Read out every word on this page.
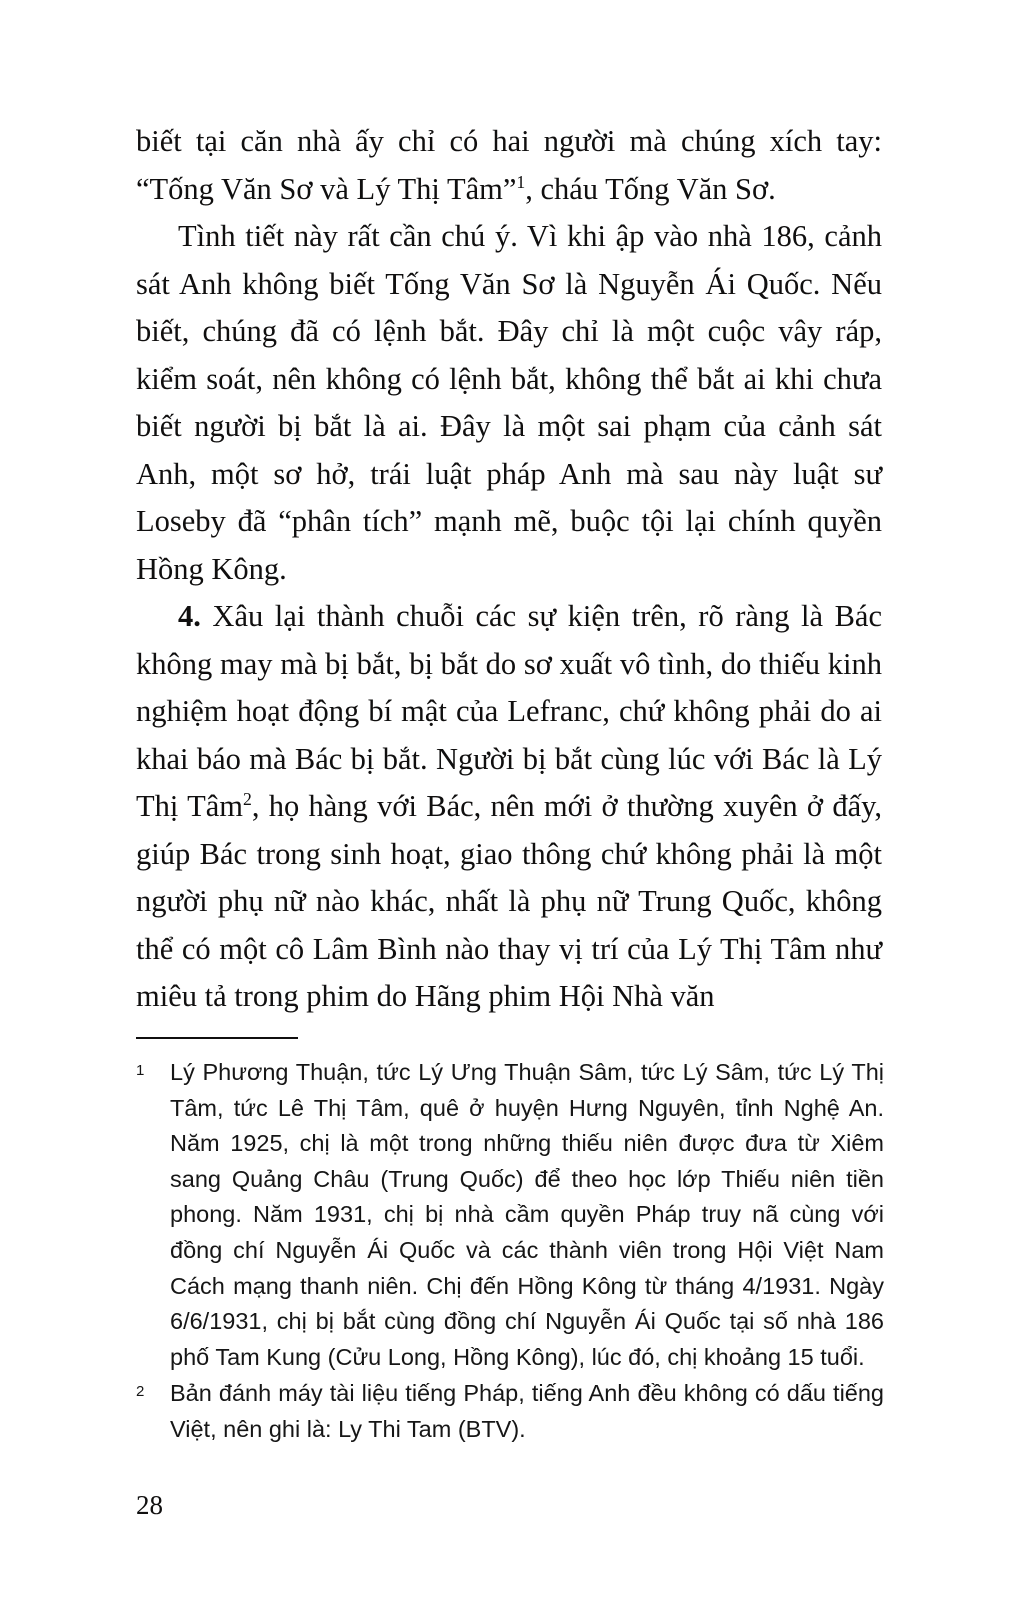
biết tại căn nhà ấy chỉ có hai người mà chúng xích tay: “Tống Văn Sơ và Lý Thị Tâm”$^1$, cháu Tống Văn Sơ.

Tình tiết này rất cần chú ý. Vì khi ập vào nhà 186, cảnh sát Anh không biết Tống Văn Sơ là Nguyễn Ái Quốc. Nếu biết, chúng đã có lệnh bắt. Đây chỉ là một cuộc vây ráp, kiểm soát, nên không có lệnh bắt, không thể bắt ai khi chưa biết người bị bắt là ai. Đây là một sai phạm của cảnh sát Anh, một sơ hở, trái luật pháp Anh mà sau này luật sư Loseby đã “phân tích” mạnh mẽ, buộc tội lại chính quyền Hồng Kông.

4. Xâu lại thành chuỗi các sự kiện trên, rõ ràng là Bác không may mà bị bắt, bị bắt do sơ xuất vô tình, do thiếu kinh nghiệm hoạt động bí mật của Lefranc, chứ không phải do ai khai báo mà Bác bị bắt. Người bị bắt cùng lúc với Bác là Lý Thị Tâm$^2$, họ hàng với Bác, nên mới ở thường xuyên ở đấy, giúp Bác trong sinh hoạt, giao thông chứ không phải là một người phụ nữ nào khác, nhất là phụ nữ Trung Quốc, không thể có một cô Lâm Bình nào thay vị trí của Lý Thị Tâm như miêu tả trong phim do Hãng phim Hội Nhà văn

1	Lý Phương Thuận, tức Lý Ưng Thuận Sâm, tức Lý Sâm, tức Lý Thị Tâm, tức Lê Thị Tâm, quê ở huyện Hưng Nguyên, tỉnh Nghệ An. Năm 1925, chị là một trong những thiếu niên được đưa từ Xiêm sang Quảng Châu (Trung Quốc) để theo học lớp Thiếu niên tiền phong. Năm 1931, chị bị nhà cầm quyền Pháp truy nã cùng với đồng chí Nguyễn Ái Quốc và các thành viên trong Hội Việt Nam Cách mạng thanh niên. Chị đến Hồng Kông từ tháng 4/1931. Ngày 6/6/1931, chị bị bắt cùng đồng chí Nguyễn Ái Quốc tại số nhà 186 phố Tam Kung (Cửu Long, Hồng Kông), lúc đó, chị khoảng 15 tuổi.
2	Bản đánh máy tài liệu tiếng Pháp, tiếng Anh đều không có dấu tiếng Việt, nên ghi là: Ly Thi Tam (BTV).
28
